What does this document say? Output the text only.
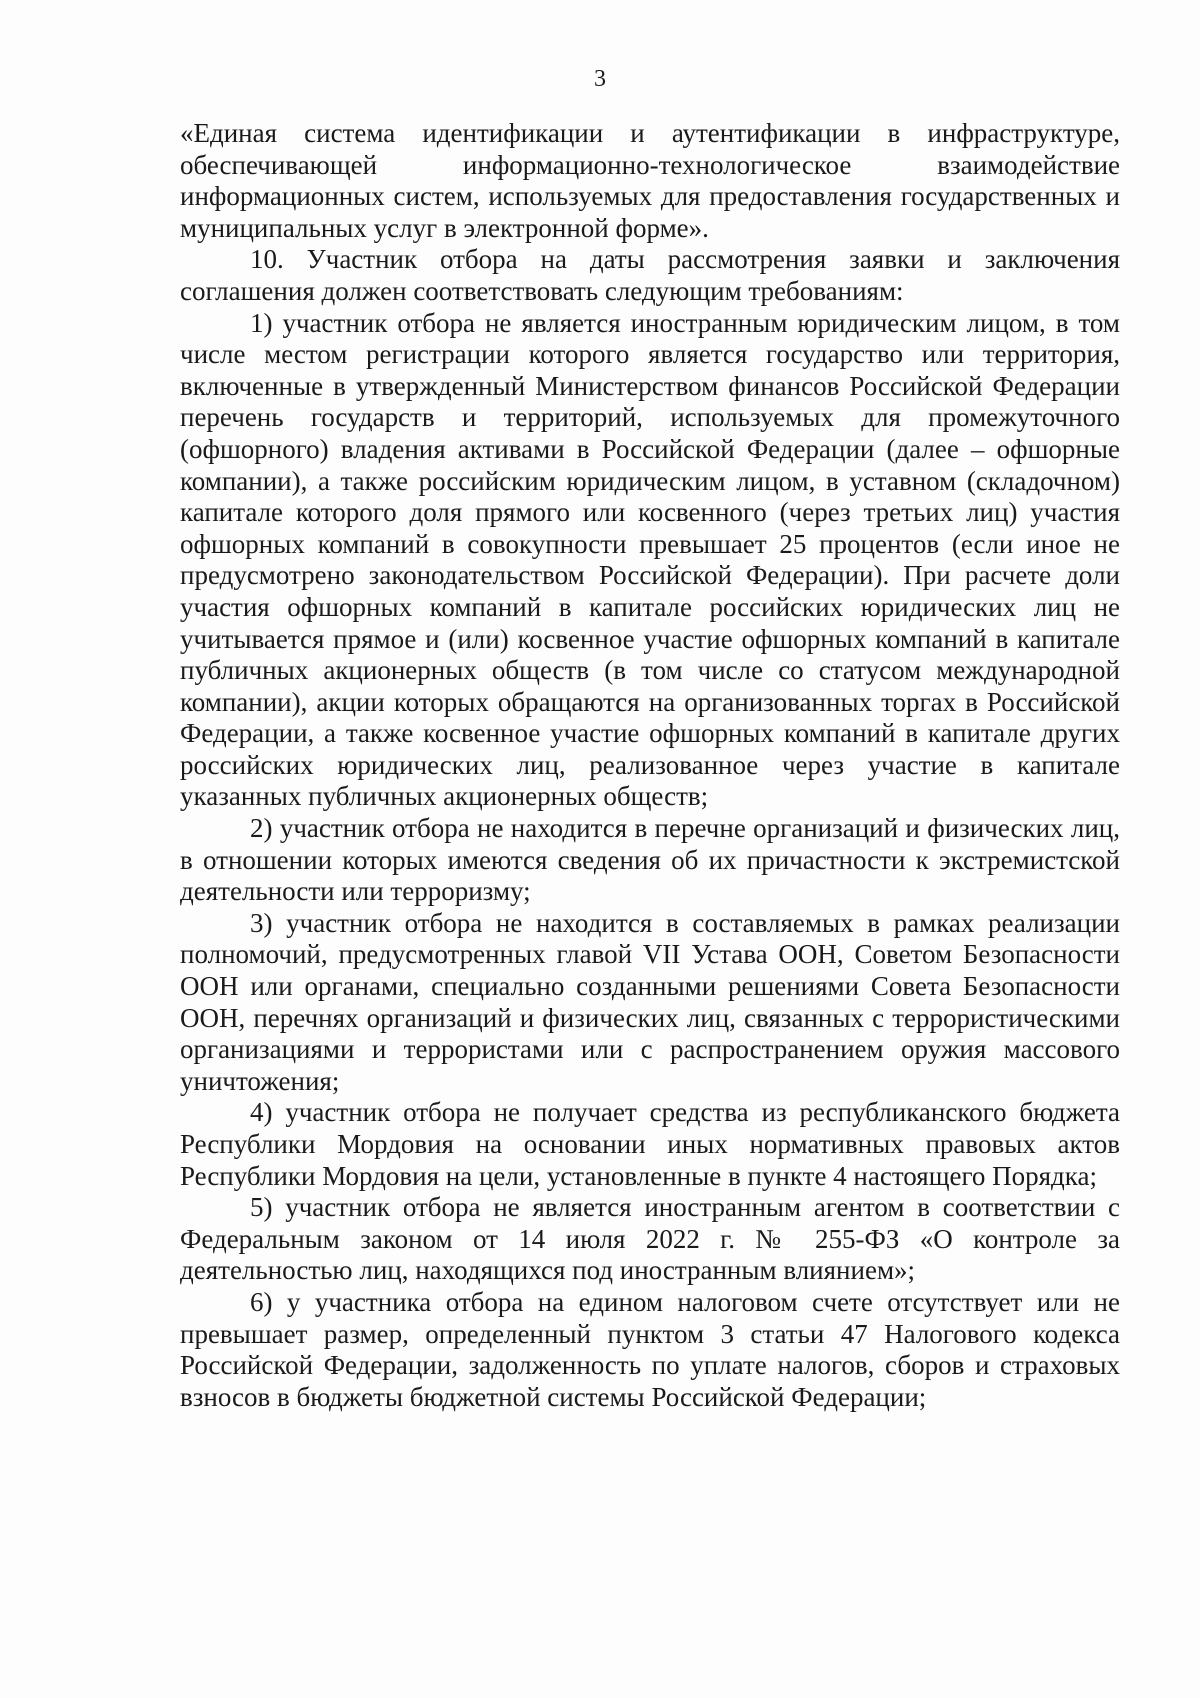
3

«Единая система идентификации и аутентификации в инфраструктуре, обеспечивающей информационно-технологическое взаимодействие информационных систем, используемых для предоставления государственных и муниципальных услуг в электронной форме».

10. Участник отбора на даты рассмотрения заявки и заключения соглашения должен соответствовать следующим требованиям:

1) участник отбора не является иностранным юридическим лицом, в том числе местом регистрации которого является государство или территория, включенные в утвержденный Министерством финансов Российской Федерации перечень государств и территорий, используемых для промежуточного (офшорного) владения активами в Российской Федерации (далее – офшорные компании), а также российским юридическим лицом, в уставном (складочном) капитале которого доля прямого или косвенного (через третьих лиц) участия офшорных компаний в совокупности превышает 25 процентов (если иное не предусмотрено законодательством Российской Федерации). При расчете доли участия офшорных компаний в капитале российских юридических лиц не учитывается прямое и (или) косвенное участие офшорных компаний в капитале публичных акционерных обществ (в том числе со статусом международной компании), акции которых обращаются на организованных торгах в Российской Федерации, а также косвенное участие офшорных компаний в капитале других российских юридических лиц, реализованное через участие в капитале указанных публичных акционерных обществ;

2) участник отбора не находится в перечне организаций и физических лиц, в отношении которых имеются сведения об их причастности к экстремистской деятельности или терроризму;

3) участник отбора не находится в составляемых в рамках реализации полномочий, предусмотренных главой VII Устава ООН, Советом Безопасности ООН или органами, специально созданными решениями Совета Безопасности ООН, перечнях организаций и физических лиц, связанных с террористическими организациями и террористами или с распространением оружия массового уничтожения;

4) участник отбора не получает средства из республиканского бюджета Республики Мордовия на основании иных нормативных правовых актов Республики Мордовия на цели, установленные в пункте 4 настоящего Порядка;

5) участник отбора не является иностранным агентом в соответствии с Федеральным законом от 14 июля 2022 г. № 255-ФЗ «О контроле за деятельностью лиц, находящихся под иностранным влиянием»;

6) у участника отбора на едином налоговом счете отсутствует или не превышает размер, определенный пунктом 3 статьи 47 Налогового кодекса Российской Федерации, задолженность по уплате налогов, сборов и страховых взносов в бюджеты бюджетной системы Российской Федерации;
